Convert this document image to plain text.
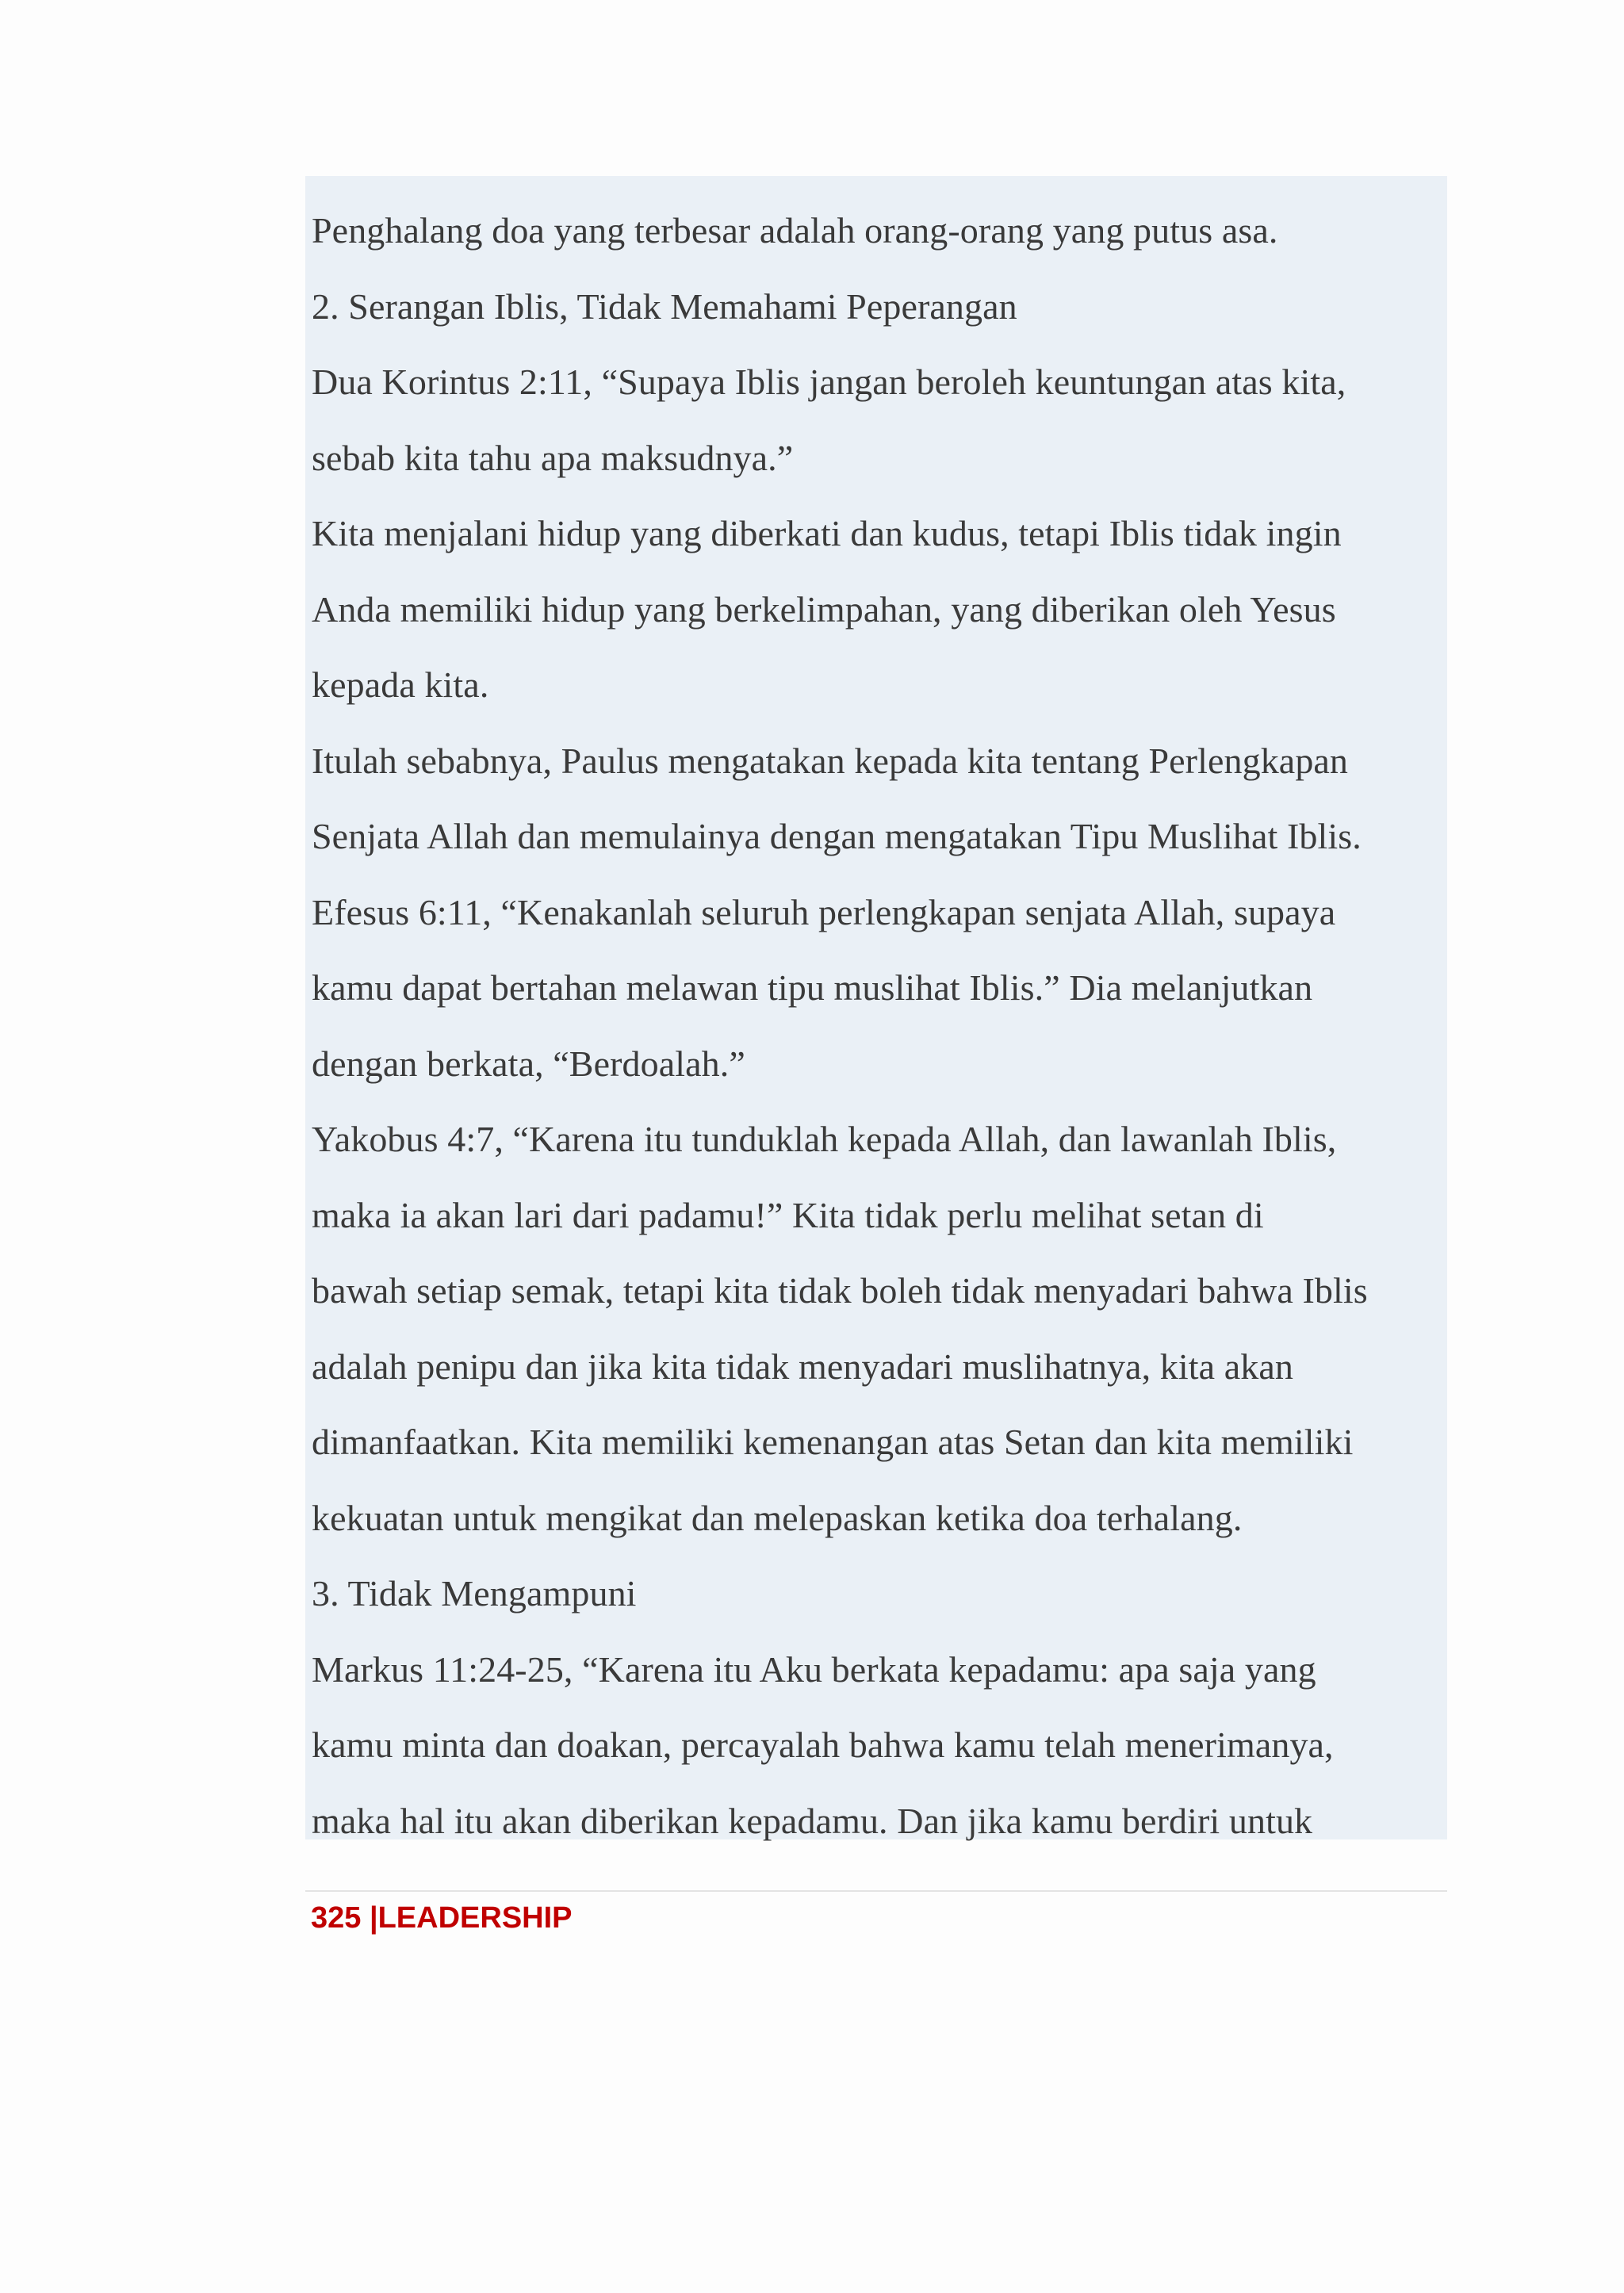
Penghalang doa yang terbesar adalah orang-orang yang putus asa.
2. Serangan Iblis, Tidak Memahami Peperangan
Dua Korintus 2:11, “Supaya Iblis jangan beroleh keuntungan atas kita,
sebab kita tahu apa maksudnya.”
Kita menjalani hidup yang diberkati dan kudus, tetapi Iblis tidak ingin
Anda memiliki hidup yang berkelimpahan, yang diberikan oleh Yesus
kepada kita.
Itulah sebabnya, Paulus mengatakan kepada kita tentang Perlengkapan
Senjata Allah dan memulainya dengan mengatakan Tipu Muslihat Iblis.
Efesus 6:11, “Kenakanlah seluruh perlengkapan senjata Allah, supaya
kamu dapat bertahan melawan tipu muslihat Iblis.” Dia melanjutkan
dengan berkata, “Berdoalah.”
Yakobus 4:7, “Karena itu tunduklah kepada Allah, dan lawanlah Iblis,
maka ia akan lari dari padamu!” Kita tidak perlu melihat setan di
bawah setiap semak, tetapi kita tidak boleh tidak menyadari bahwa Iblis
adalah penipu dan jika kita tidak menyadari muslihatnya, kita akan
dimanfaatkan. Kita memiliki kemenangan atas Setan dan kita memiliki
kekuatan untuk mengikat dan melepaskan ketika doa terhalang.
3. Tidak Mengampuni
Markus 11:24-25, “Karena itu Aku berkata kepadamu: apa saja yang
kamu minta dan doakan, percayalah bahwa kamu telah menerimanya,
maka hal itu akan diberikan kepadamu. Dan jika kamu berdiri untuk
325 |LEADERSHIP
